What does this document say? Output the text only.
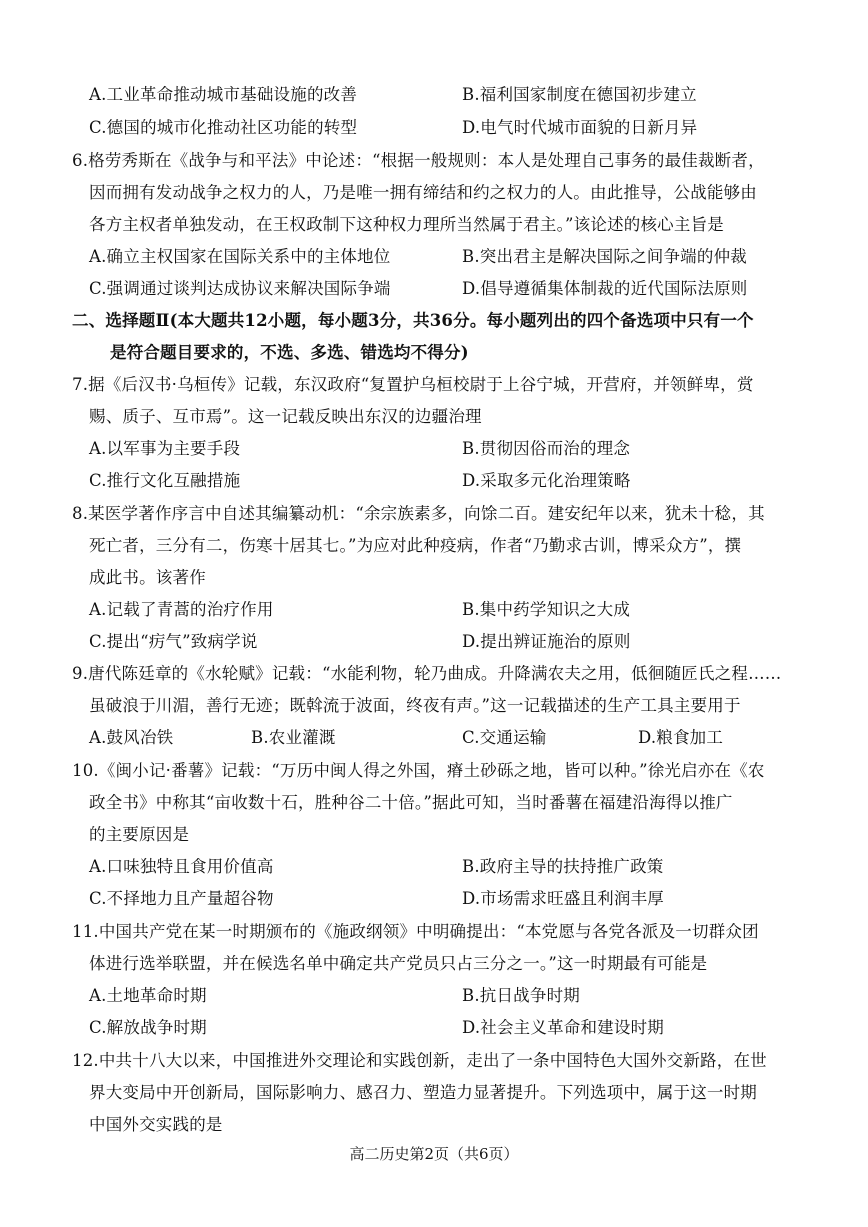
A.工业革命推动城市基础设施的改善	B.福利国家制度在德国初步建立
C.德国的城市化推动社区功能的转型	D.电气时代城市面貌的日新月异
6.格劳秀斯在《战争与和平法》中论述：“根据一般规则：本人是处理自己事务的最佳裁断者，
因而拥有发动战争之权力的人，乃是唯一拥有缔结和约之权力的人。由此推导，公战能够由
各方主权者单独发动，在王权政制下这种权力理所当然属于君主。”该论述的核心主旨是
A.确立主权国家在国际关系中的主体地位	B.突出君主是解决国际之间争端的仲裁
C.强调通过谈判达成协议来解决国际争端	D.倡导遵循集体制裁的近代国际法原则
二、选择题Ⅱ(本大题共12小题，每小题3分，共36分。每小题列出的四个备选项中只有一个
是符合题目要求的，不选、多选、错选均不得分)
7.据《后汉书·乌桓传》记载，东汉政府“复置护乌桓校尉于上谷宁城，开营府，并领鲜卑，赏
赐、质子、互市焉”。这一记载反映出东汉的边疆治理
A.以军事为主要手段	B.贯彻因俗而治的理念
C.推行文化互融措施	D.采取多元化治理策略
8.某医学著作序言中自述其编纂动机：“余宗族素多，向馀二百。建安纪年以来，犹未十稔，其
死亡者，三分有二，伤寒十居其七。”为应对此种疫病，作者“乃勤求古训，博采众方”，撰
成此书。该著作
A.记载了青蒿的治疗作用	B.集中药学知识之大成
C.提出“疠气”致病学说	D.提出辨证施治的原则
9.唐代陈廷章的《水轮赋》记载：“水能利物，轮乃曲成。升降满农夫之用，低徊随匠氏之程……
虽破浪于川湄，善行无迹；既斡流于波面，终夜有声。”这一记载描述的生产工具主要用于
A.鼓风冶铁	B.农业灌溉	C.交通运输	D.粮食加工
10.《闽小记·番薯》记载：“万历中闽人得之外国，瘠土砂砾之地，皆可以种。”徐光启亦在《农
政全书》中称其“亩收数十石，胜种谷二十倍。”据此可知，当时番薯在福建沿海得以推广
的主要原因是
A.口味独特且食用价值高	B.政府主导的扶持推广政策
C.不择地力且产量超谷物	D.市场需求旺盛且利润丰厚
11.中国共产党在某一时期颁布的《施政纲领》中明确提出：“本党愿与各党各派及一切群众团
体进行选举联盟，并在候选名单中确定共产党员只占三分之一。”这一时期最有可能是
A.土地革命时期	B.抗日战争时期
C.解放战争时期	D.社会主义革命和建设时期
12.中共十八大以来，中国推进外交理论和实践创新，走出了一条中国特色大国外交新路，在世
界大变局中开创新局，国际影响力、感召力、塑造力显著提升。下列选项中，属于这一时期
中国外交实践的是
高二历史第2页（共6页）
